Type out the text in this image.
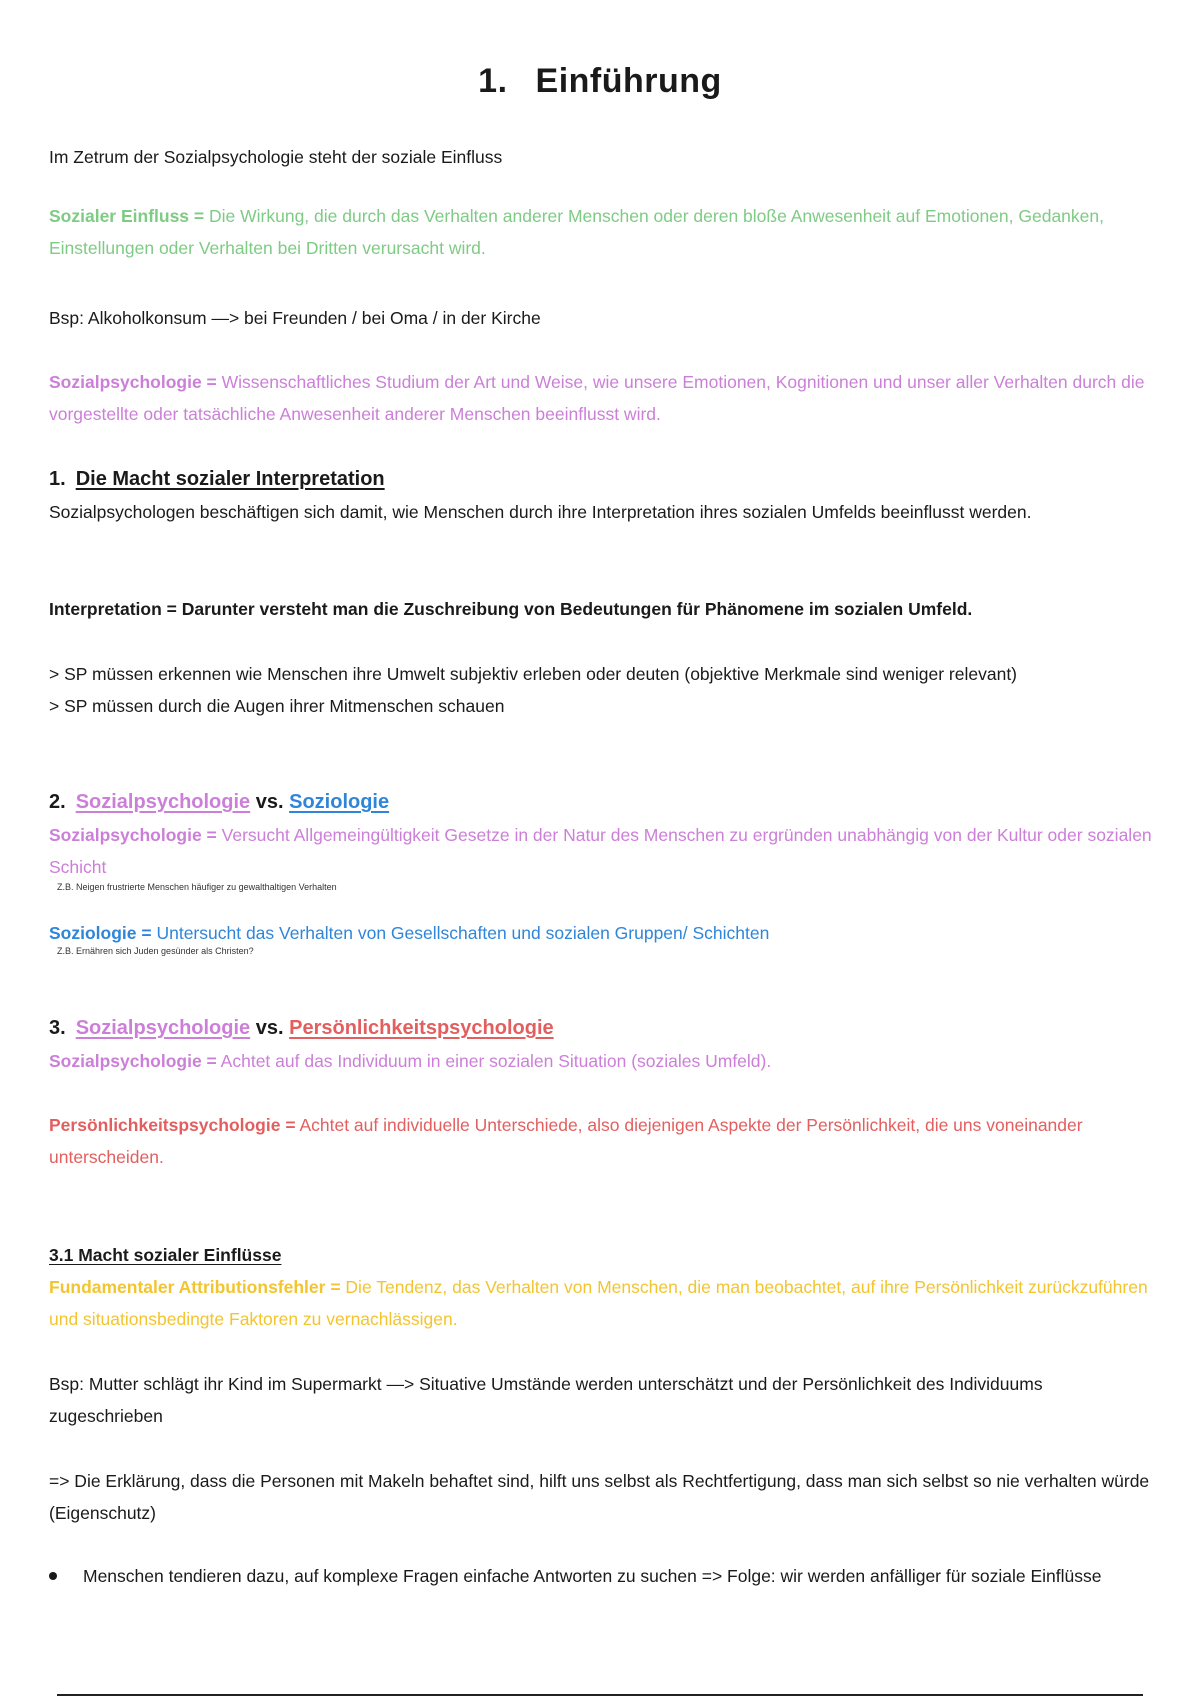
1. Einführung
Im Zetrum der Sozialpsychologie steht der soziale Einfluss
Sozialer Einfluss = Die Wirkung, die durch das Verhalten anderer Menschen oder deren bloße Anwesenheit auf Emotionen, Gedanken, Einstellungen oder Verhalten bei Dritten verursacht wird.
Bsp: Alkoholkonsum —> bei Freunden / bei Oma / in der Kirche
Sozialpsychologie = Wissenschaftliches Studium der Art und Weise, wie unsere Emotionen, Kognitionen und unser aller Verhalten durch die vorgestellte oder tatsächliche Anwesenheit anderer Menschen beeinflusst wird.
1. Die Macht sozialer Interpretation
Sozialpsychologen beschäftigen sich damit, wie Menschen durch ihre Interpretation ihres sozialen Umfelds beeinflusst werden.
Interpretation = Darunter versteht man die Zuschreibung von Bedeutungen für Phänomene im sozialen Umfeld.
> SP müssen erkennen wie Menschen ihre Umwelt subjektiv erleben oder deuten (objektive Merkmale sind weniger relevant)
> SP müssen durch die Augen ihrer Mitmenschen schauen
2. Sozialpsychologie vs. Soziologie
Sozialpsychologie = Versucht Allgemeingültigkeit Gesetze in der Natur des Menschen zu ergründen unabhängig von der Kultur oder sozialen Schicht
Z.B. Neigen frustrierte Menschen häufiger zu gewalthaltigen Verhalten
Soziologie = Untersucht das Verhalten von Gesellschaften und sozialen Gruppen/ Schichten
Z.B. Ernähren sich Juden gesünder als Christen?
3. Sozialpsychologie vs. Persönlichkeitspsychologie
Sozialpsychologie = Achtet auf das Individuum in einer sozialen Situation (soziales Umfeld).
Persönlichkeitspsychologie = Achtet auf individuelle Unterschiede, also diejenigen Aspekte der Persönlichkeit, die uns voneinander unterscheiden.
3.1 Macht sozialer Einflüsse
Fundamentaler Attributionsfehler = Die Tendenz, das Verhalten von Menschen, die man beobachtet, auf ihre Persönlichkeit zurückzuführen und situationsbedingte Faktoren zu vernachlässigen.
Bsp: Mutter schlägt ihr Kind im Supermarkt —> Situative Umstände werden unterschätzt und der Persönlichkeit des Individuums zugeschrieben
=> Die Erklärung, dass die Personen mit Makeln behaftet sind, hilft uns selbst als Rechtfertigung, dass man sich selbst so nie verhalten würde (Eigenschutz)
Menschen tendieren dazu, auf komplexe Fragen einfache Antworten zu suchen => Folge: wir werden anfälliger für soziale Einflüsse
